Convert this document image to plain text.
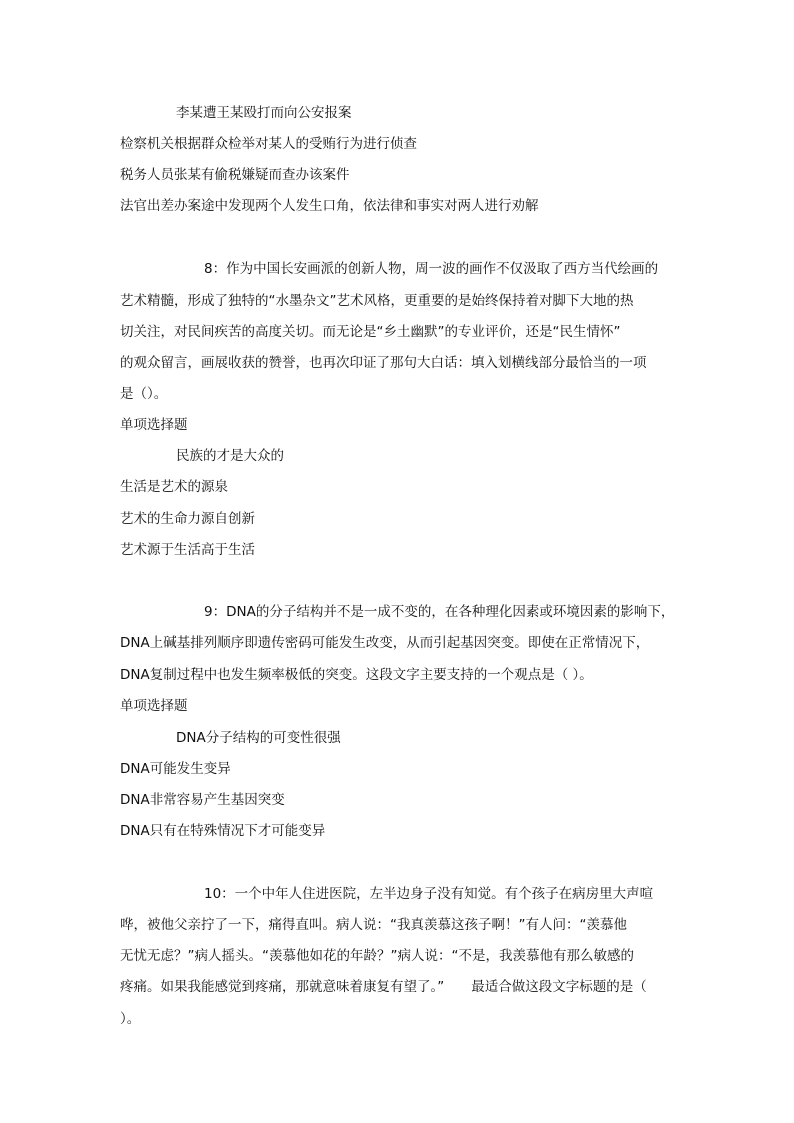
李某遭王某殴打而向公安报案
检察机关根据群众检举对某人的受贿行为进行侦查
税务人员张某有偷税嫌疑而查办该案件
法官出差办案途中发现两个人发生口角，依法律和事实对两人进行劝解
8：作为中国长安画派的创新人物，周一波的画作不仅汲取了西方当代绘画的
艺术精髓，形成了独特的“水墨杂文”艺术风格，更重要的是始终保持着对脚下大地的热
切关注，对民间疾苦的高度关切。而无论是“乡土幽默”的专业评价，还是“民生情怀”
的观众留言，画展收获的赞誉，也再次印证了那句大白话：填入划横线部分最恰当的一项
是（）。
单项选择题
民族的才是大众的
生活是艺术的源泉
艺术的生命力源自创新
艺术源于生活高于生活
9：DNA的分子结构并不是一成不变的，在各种理化因素或环境因素的影响下，
DNA上碱基排列顺序即遗传密码可能发生改变，从而引起基因突变。即使在正常情况下，
DNA复制过程中也发生频率极低的突变。这段文字主要支持的一个观点是（ ）。
单项选择题
DNA分子结构的可变性很强
DNA可能发生变异
DNA非常容易产生基因突变
DNA只有在特殊情况下才可能变异
10：一个中年人住进医院，左半边身子没有知觉。有个孩子在病房里大声喧
哗，被他父亲拧了一下，痛得直叫。病人说：“我真羡慕这孩子啊！”有人问：“羡慕他
无忧无虑？”病人摇头。“羡慕他如花的年龄？”病人说：“不是，我羡慕他有那么敏感的
疼痛。如果我能感觉到疼痛，那就意味着康复有望了。”　　最适合做这段文字标题的是（
）。
